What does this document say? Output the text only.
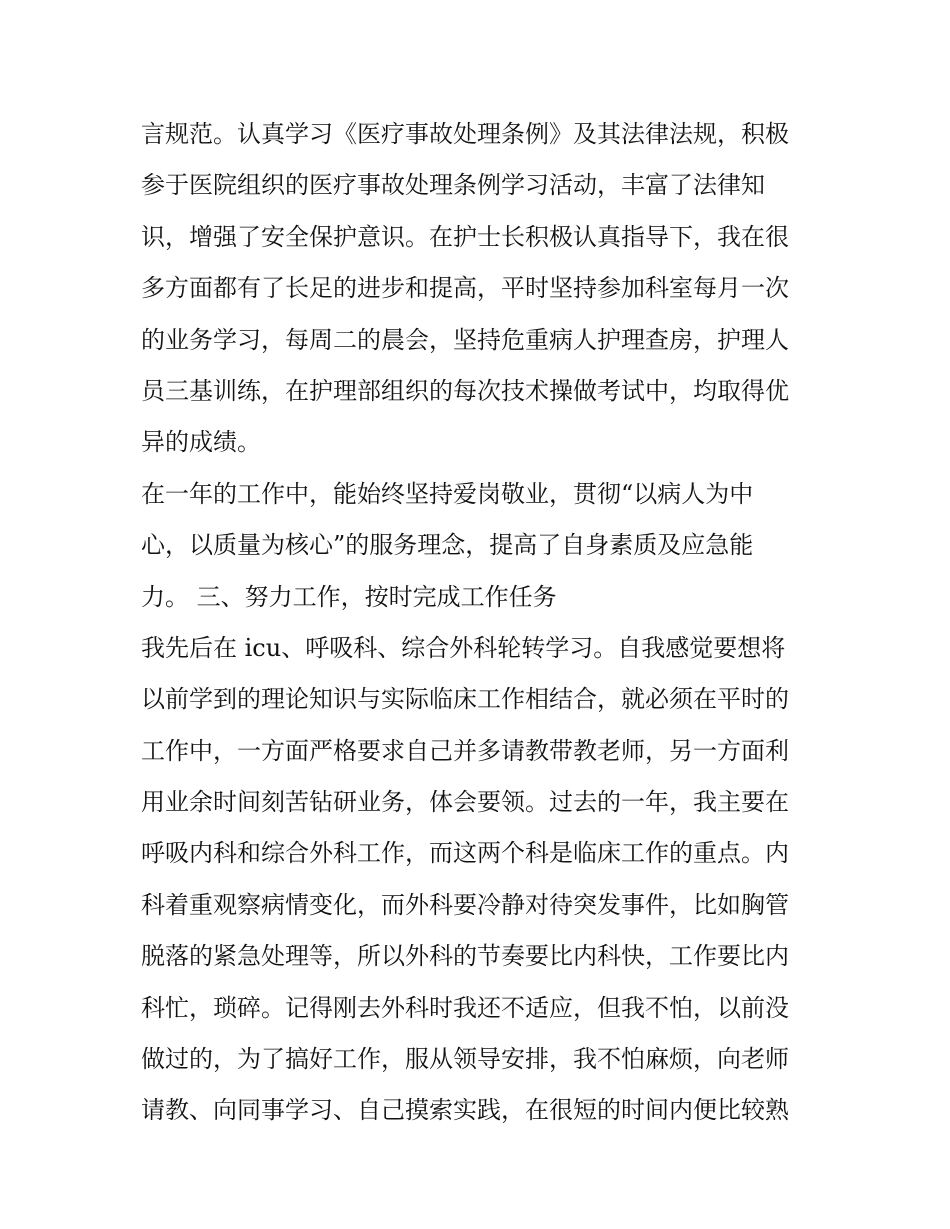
言规范。认真学习《医疗事故处理条例》及其法律法规，积极
参于医院组织的医疗事故处理条例学习活动，丰富了法律知
识，增强了安全保护意识。在护士长积极认真指导下，我在很
多方面都有了长足的进步和提高，平时坚持参加科室每月一次
的业务学习，每周二的晨会，坚持危重病人护理查房，护理人
员三基训练，在护理部组织的每次技术操做考试中，均取得优
异的成绩。
在一年的工作中，能始终坚持爱岗敬业，贯彻“以病人为中
心，以质量为核心”的服务理念，提高了自身素质及应急能
力。 三、努力工作，按时完成工作任务
我先后在 icu、呼吸科、综合外科轮转学习。自我感觉要想将
以前学到的理论知识与实际临床工作相结合，就必须在平时的
工作中，一方面严格要求自己并多请教带教老师，另一方面利
用业余时间刻苦钻研业务，体会要领。过去的一年，我主要在
呼吸内科和综合外科工作，而这两个科是临床工作的重点。内
科着重观察病情变化，而外科要冷静对待突发事件，比如胸管
脱落的紧急处理等，所以外科的节奏要比内科快，工作要比内
科忙，琐碎。记得刚去外科时我还不适应，但我不怕，以前没
做过的，为了搞好工作，服从领导安排，我不怕麻烦，向老师
请教、向同事学习、自己摸索实践，在很短的时间内便比较熟
